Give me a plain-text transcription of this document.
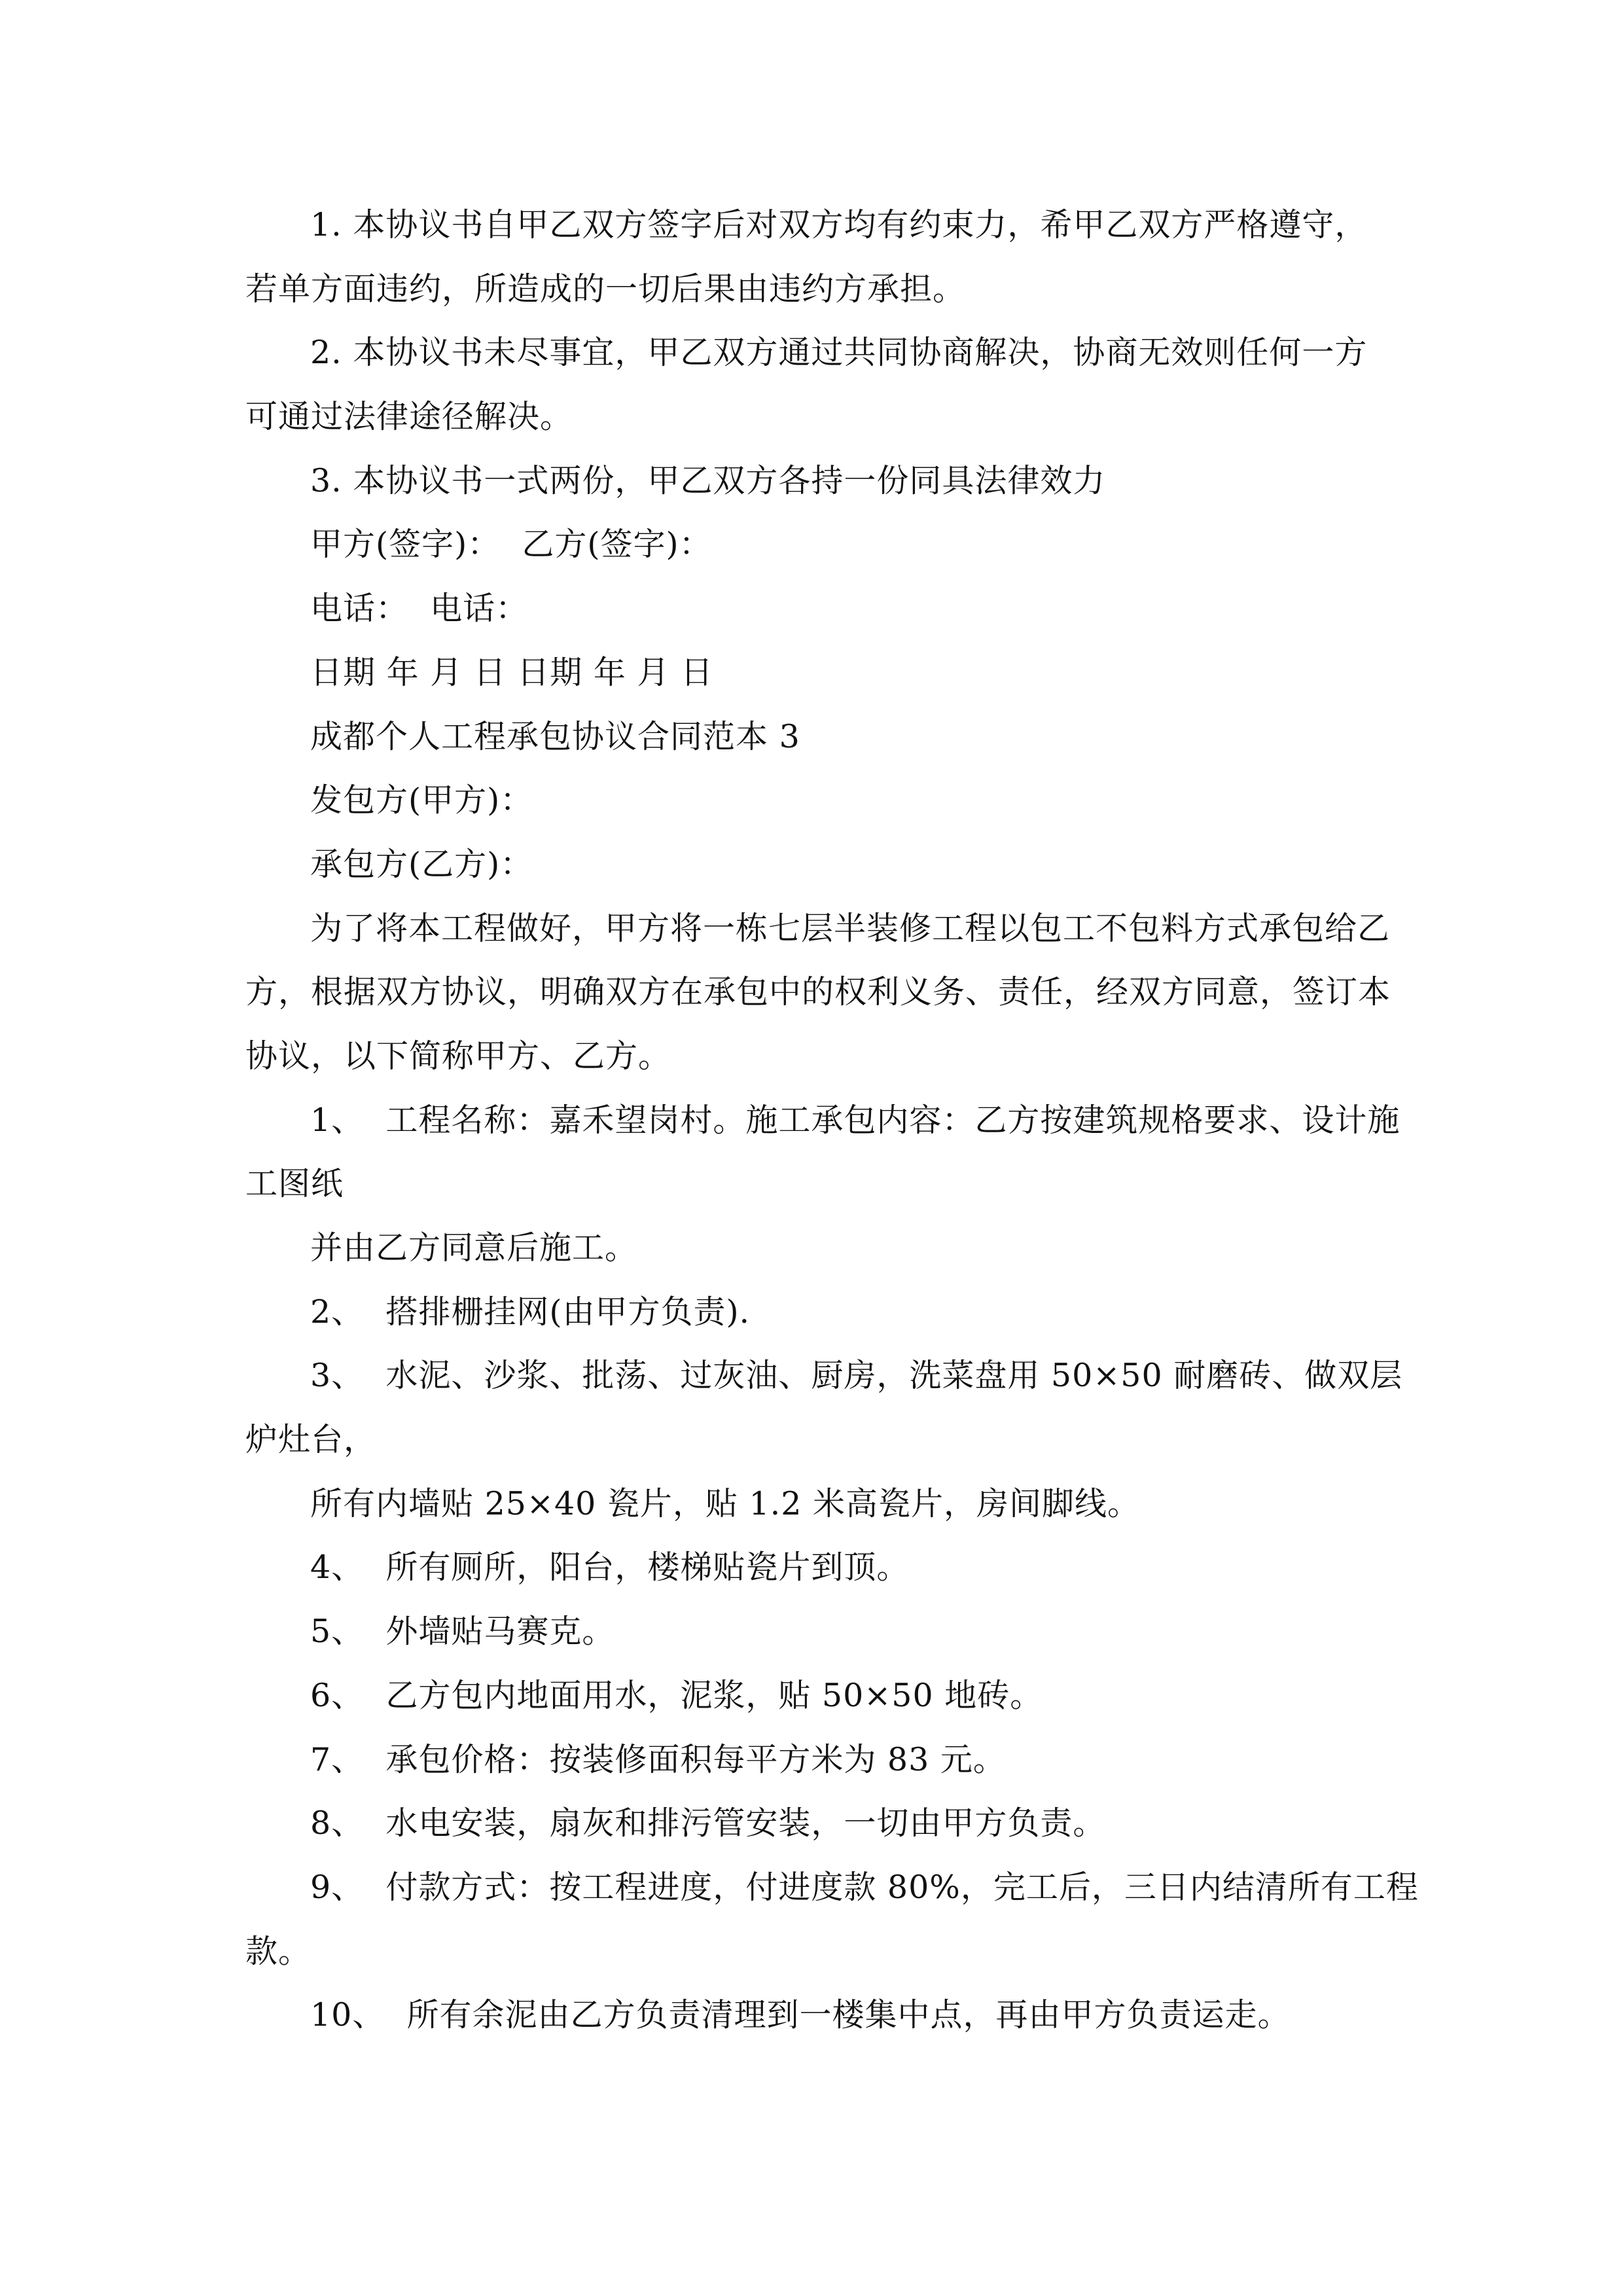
1. 本协议书自甲乙双方签字后对双方均有约束力，希甲乙双方严格遵守，
若单方面违约，所造成的一切后果由违约方承担。
2. 本协议书未尽事宜，甲乙双方通过共同协商解决，协商无效则任何一方
可通过法律途径解决。
3. 本协议书一式两份，甲乙双方各持一份同具法律效力
甲方(签字)：  乙方(签字)：
电话：  电话：
日期 年 月 日 日期 年 月 日
成都个人工程承包协议合同范本 3
发包方(甲方)：
承包方(乙方)：
为了将本工程做好，甲方将一栋七层半装修工程以包工不包料方式承包给乙
方，根据双方协议，明确双方在承包中的权利义务、责任，经双方同意，签订本
协议，以下简称甲方、乙方。
1、  工程名称：嘉禾望岗村。施工承包内容：乙方按建筑规格要求、设计施
工图纸
并由乙方同意后施工。
2、  搭排栅挂网(由甲方负责).
3、  水泥、沙浆、批荡、过灰油、厨房，洗菜盘用 50×50 耐磨砖、做双层
炉灶台，
所有内墙贴 25×40 瓷片，贴 1.2 米高瓷片，房间脚线。
4、  所有厕所，阳台，楼梯贴瓷片到顶。
5、  外墙贴马赛克。
6、  乙方包内地面用水，泥浆，贴 50×50 地砖。
7、  承包价格：按装修面积每平方米为 83 元。
8、  水电安装，扇灰和排污管安装，一切由甲方负责。
9、  付款方式：按工程进度，付进度款 80%，完工后，三日内结清所有工程
款。
10、  所有余泥由乙方负责清理到一楼集中点，再由甲方负责运走。
